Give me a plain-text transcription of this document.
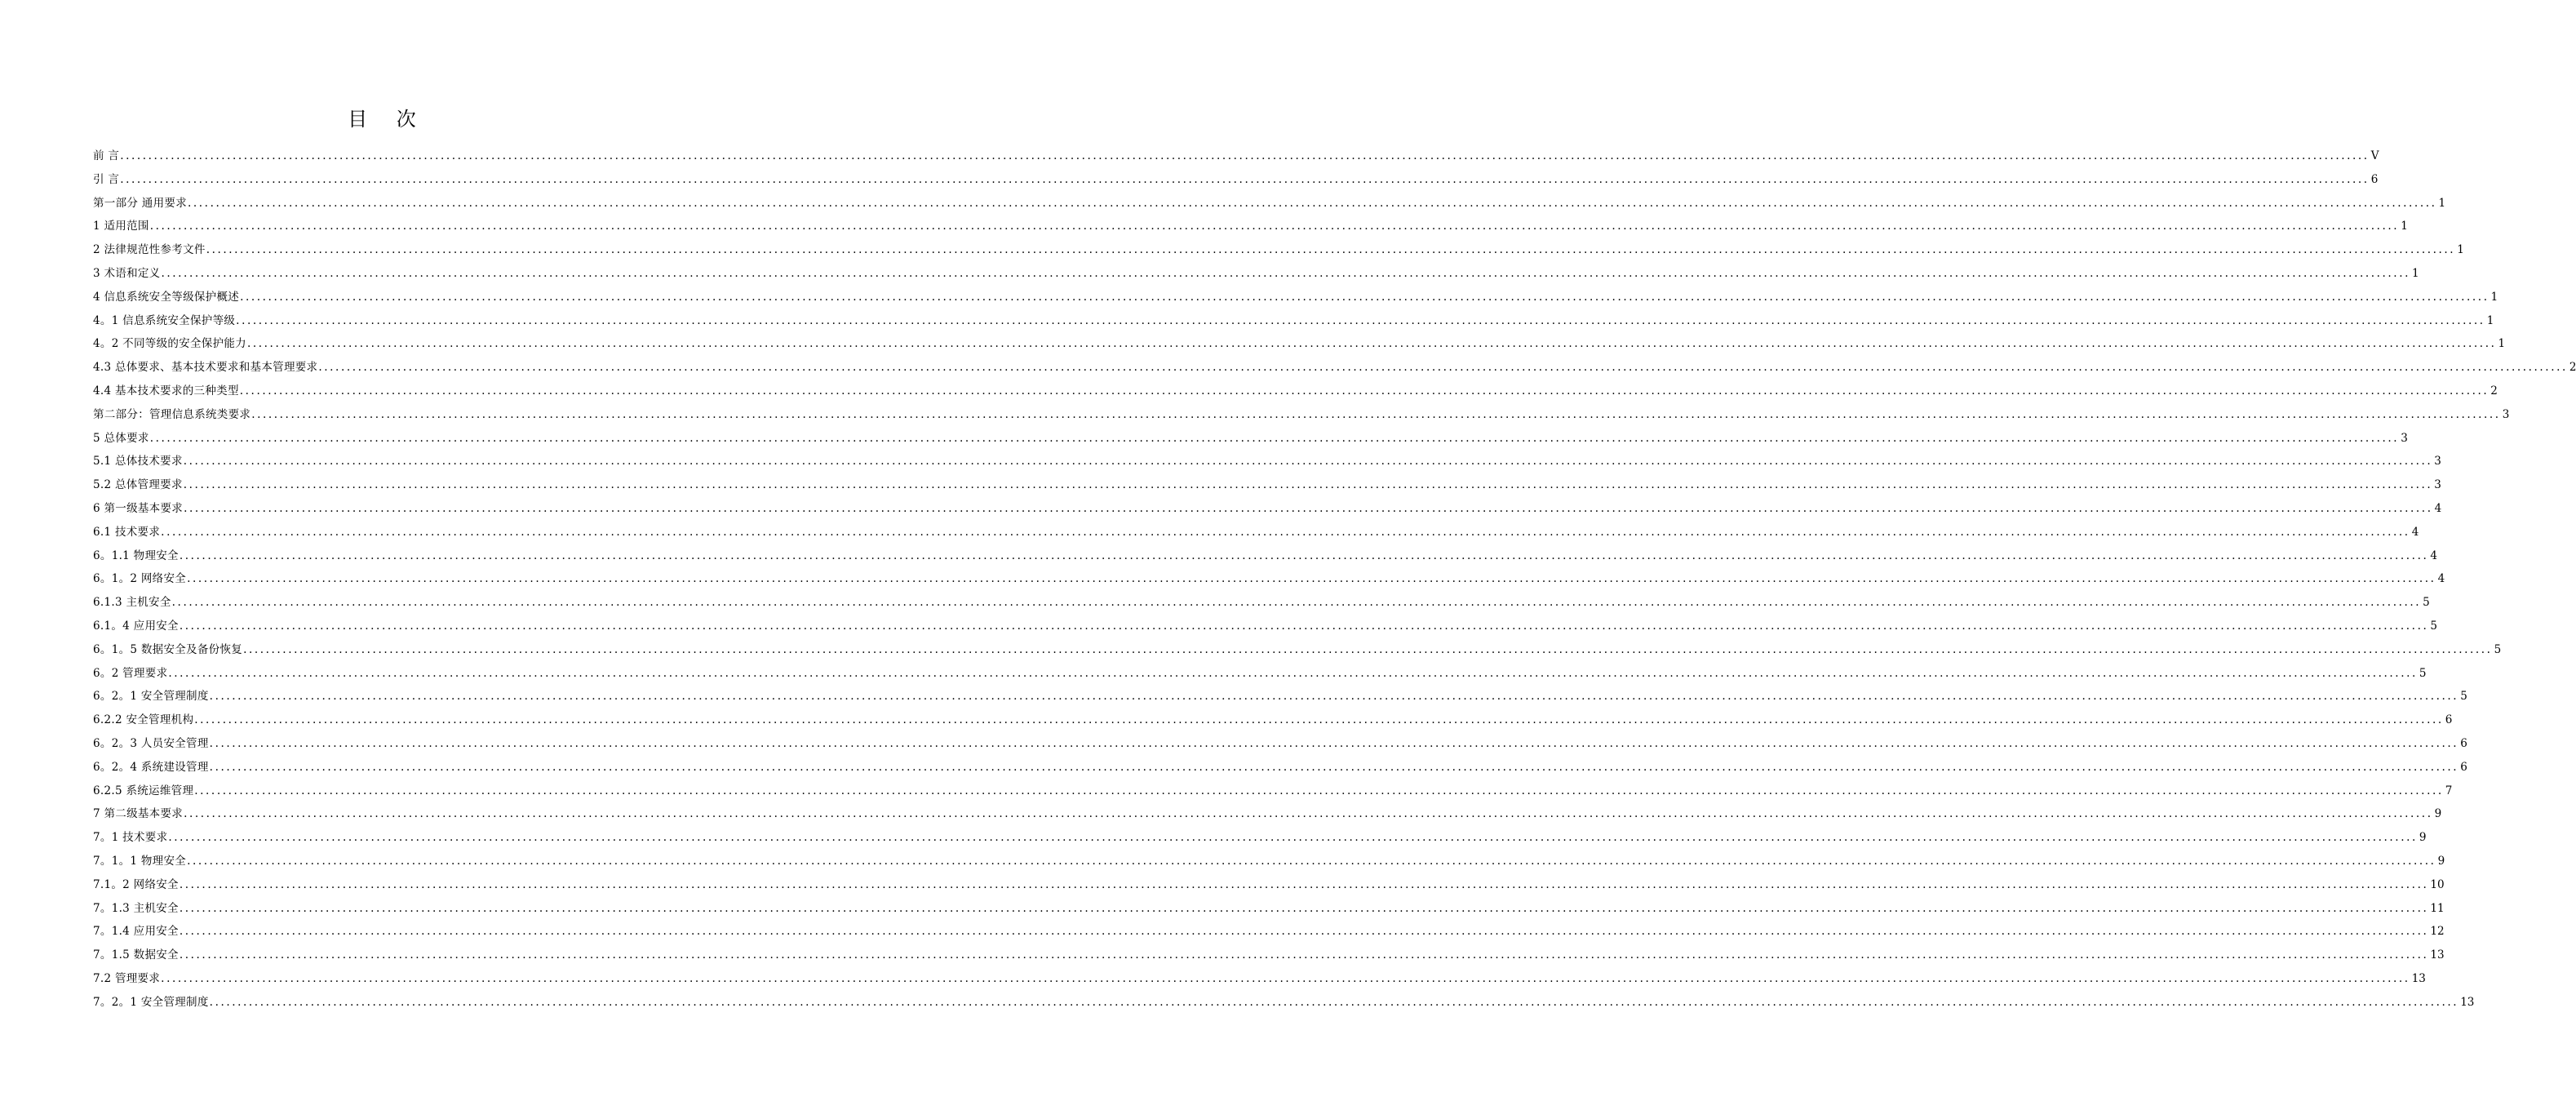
目 次
前 言 ................................................................................................................................................................................................................................................................................................................................................................................................................ V
引 言 ................................................................................................................................................................................................................................................................................................................................................................................................................ 6
第一部分 通用要求 ................................................................................................................................................................................................................................................................................................................................................................................................................ 1
1 适用范围 ................................................................................................................................................................................................................................................................................................................................................................................................................ 1
2 法律规范性参考文件 ................................................................................................................................................................................................................................................................................................................................................................................................................ 1
3 术语和定义 ................................................................................................................................................................................................................................................................................................................................................................................................................ 1
4 信息系统安全等级保护概述 ................................................................................................................................................................................................................................................................................................................................................................................................................ 1
4。1 信息系统安全保护等级 ................................................................................................................................................................................................................................................................................................................................................................................................................ 1
4。2 不同等级的安全保护能力 ................................................................................................................................................................................................................................................................................................................................................................................................................ 1
4.3 总体要求、基本技术要求和基本管理要求 ................................................................................................................................................................................................................................................................................................................................................................................................................ 2
4.4 基本技术要求的三种类型 ................................................................................................................................................................................................................................................................................................................................................................................................................ 2
第二部分：管理信息系统类要求 ................................................................................................................................................................................................................................................................................................................................................................................................................ 3
5 总体要求 ................................................................................................................................................................................................................................................................................................................................................................................................................ 3
5.1 总体技术要求 ................................................................................................................................................................................................................................................................................................................................................................................................................ 3
5.2 总体管理要求 ................................................................................................................................................................................................................................................................................................................................................................................................................ 3
6 第一级基本要求 ................................................................................................................................................................................................................................................................................................................................................................................................................ 4
6.1 技术要求 ................................................................................................................................................................................................................................................................................................................................................................................................................ 4
6。1.1 物理安全 ................................................................................................................................................................................................................................................................................................................................................................................................................ 4
6。1。2 网络安全 ................................................................................................................................................................................................................................................................................................................................................................................................................ 4
6.1.3 主机安全 ................................................................................................................................................................................................................................................................................................................................................................................................................ 5
6.1。4 应用安全 ................................................................................................................................................................................................................................................................................................................................................................................................................ 5
6。1。5 数据安全及备份恢复 ................................................................................................................................................................................................................................................................................................................................................................................................................ 5
6。2 管理要求 ................................................................................................................................................................................................................................................................................................................................................................................................................ 5
6。2。1 安全管理制度 ................................................................................................................................................................................................................................................................................................................................................................................................................ 5
6.2.2 安全管理机构 ................................................................................................................................................................................................................................................................................................................................................................................................................ 6
6。2。3 人员安全管理 ................................................................................................................................................................................................................................................................................................................................................................................................................ 6
6。2。4 系统建设管理 ................................................................................................................................................................................................................................................................................................................................................................................................................ 6
6.2.5 系统运维管理 ................................................................................................................................................................................................................................................................................................................................................................................................................ 7
7 第二级基本要求 ................................................................................................................................................................................................................................................................................................................................................................................................................ 9
7。1 技术要求 ................................................................................................................................................................................................................................................................................................................................................................................................................ 9
7。1。1 物理安全 ................................................................................................................................................................................................................................................................................................................................................................................................................ 9
7.1。2 网络安全 ................................................................................................................................................................................................................................................................................................................................................................................................................ 10
7。1.3 主机安全 ................................................................................................................................................................................................................................................................................................................................................................................................................ 11
7。1.4 应用安全 ................................................................................................................................................................................................................................................................................................................................................................................................................ 12
7。1.5 数据安全 ................................................................................................................................................................................................................................................................................................................................................................................................................ 13
7.2 管理要求 ................................................................................................................................................................................................................................................................................................................................................................................................................ 13
7。2。1 安全管理制度 ................................................................................................................................................................................................................................................................................................................................................................................................................ 13
